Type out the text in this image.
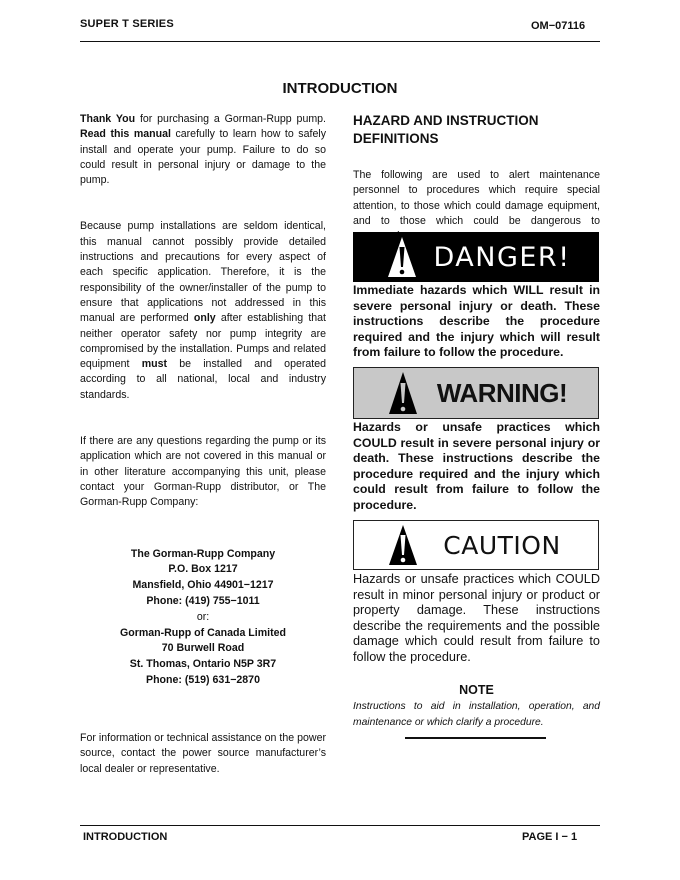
SUPER T SERIES	OM−07116
INTRODUCTION

Thank You for purchasing a Gorman-Rupp pump. Read this manual carefully to learn how to safely install and operate your pump. Failure to do so could result in personal injury or damage to the pump.

Because pump installations are seldom identical, this manual cannot possibly provide detailed instructions and precautions for every aspect of each specific application. Therefore, it is the responsibility of the owner/installer of the pump to ensure that applications not addressed in this manual are performed only after establishing that neither operator safety nor pump integrity are compromised by the installation. Pumps and related equipment must be installed and operated according to all national, local and industry standards.

If there are any questions regarding the pump or its application which are not covered in this manual or in other literature accompanying this unit, please contact your Gorman-Rupp distributor, or The Gorman-Rupp Company:

The Gorman-Rupp Company
P.O. Box 1217
Mansfield, Ohio 44901−1217
Phone: (419) 755−1011
or:
Gorman-Rupp of Canada Limited
70 Burwell Road
St. Thomas, Ontario N5P 3R7
Phone: (519) 631−2870

For information or technical assistance on the power source, contact the power source manufacturer’s local dealer or representative.

HAZARD AND INSTRUCTION DEFINITIONS

The following are used to alert maintenance personnel to procedures which require special attention, to those which could damage equipment, and to those which could be dangerous to

DANGER!

Immediate hazards which WILL result in severe personal injury or death. These instructions describe the procedure required and the injury which will result from failure to follow the procedure.

WARNING!

Hazards or unsafe practices which COULD result in severe personal injury or death. These instructions describe the procedure required and the injury which could result from failure to follow the procedure.

CAUTION

Hazards or unsafe practices which COULD result in minor personal injury or product or property damage. These instructions describe the requirements and the possible damage which could result from failure to follow the procedure.

NOTE

Instructions to aid in installation, operation, and maintenance or which clarify a procedure.

INTRODUCTION	PAGE I − 1
